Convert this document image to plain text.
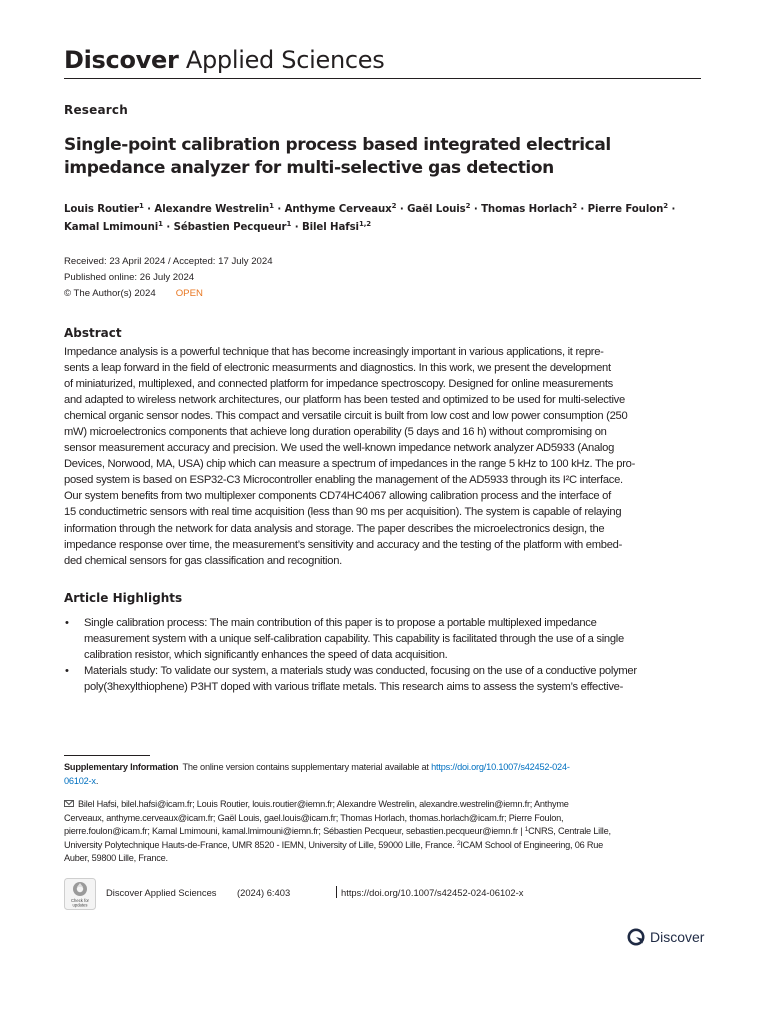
Discover Applied Sciences
Research
Single-point calibration process based integrated electrical
impedance analyzer for multi-selective gas detection
Louis Routier$^1$ · Alexandre Westrelin$^1$ · Anthyme Cerveaux$^2$ · Gaël Louis$^2$ · Thomas Horlach$^2$ · Pierre Foulon$^2$ ·
Kamal Lmimouni$^1$ · Sébastien Pecqueur$^1$ · Bilel Hafsi$^{1,2}$
Received: 23 April 2024 / Accepted: 17 July 2024
Published online: 26 July 2024
© The Author(s) 2024 OPEN
Abstract
Impedance analysis is a powerful technique that has become increasingly important in various applications, it repre-
sents a leap forward in the field of electronic measurments and diagnostics. In this work, we present the development
of miniaturized, multiplexed, and connected platform for impedance spectroscopy. Designed for online measurements
and adapted to wireless network architectures, our platform has been tested and optimized to be used for multi-selective
chemical organic sensor nodes. This compact and versatile circuit is built from low cost and low power consumption (250
mW) microelectronics components that achieve long duration operability (5 days and 16 h) without compromising on
sensor measurement accuracy and precision. We used the well-known impedance network analyzer AD5933 (Analog
Devices, Norwood, MA, USA) chip which can measure a spectrum of impedances in the range 5 kHz to 100 kHz. The pro-
posed system is based on ESP32-C3 Microcontroller enabling the management of the AD5933 through its I²C interface.
Our system benefits from two multiplexer components CD74HC4067 allowing calibration process and the interface of
15 conductimetric sensors with real time acquisition (less than 90 ms per acquisition). The system is capable of relaying
information through the network for data analysis and storage. The paper describes the microelectronics design, the
impedance response over time, the measurement’s sensitivity and accuracy and the testing of the platform with embed-
ded chemical sensors for gas classification and recognition.
Article Highlights
• Single calibration process: The main contribution of this paper is to propose a portable multiplexed impedance
measurement system with a unique self-calibration capability. This capability is facilitated through the use of a single
calibration resistor, which significantly enhances the speed of data acquisition.
• Materials study: To validate our system, a materials study was conducted, focusing on the use of a conductive polymer
poly(3hexylthiophene) P3HT doped with various triflate metals. This research aims to assess the system’s effective-
Supplementary Information The online version contains supplementary material available at https://doi.org/10.1007/s42452-024-
06102-x.
Bilel Hafsi, bilel.hafsi@icam.fr; Louis Routier, louis.routier@iemn.fr; Alexandre Westrelin, alexandre.westrelin@iemn.fr; Anthyme
Cerveaux, anthyme.cerveaux@icam.fr; Gaël Louis, gael.louis@icam.fr; Thomas Horlach, thomas.horlach@icam.fr; Pierre Foulon,
pierre.foulon@icam.fr; Kamal Lmimouni, kamal.lmimouni@iemn.fr; Sébastien Pecqueur, sebastien.pecqueur@iemn.fr | $^1$CNRS, Centrale Lille,
University Polytechnique Hauts-de-France, UMR 8520 - IEMN, University of Lille, 59000 Lille, France. $^2$ICAM School of Engineering, 06 Rue
Auber, 59800 Lille, France.
Check for
updates
Discover Applied Sciences (2024) 6:403	https://doi.org/10.1007/s42452-024-06102-x
Discover
